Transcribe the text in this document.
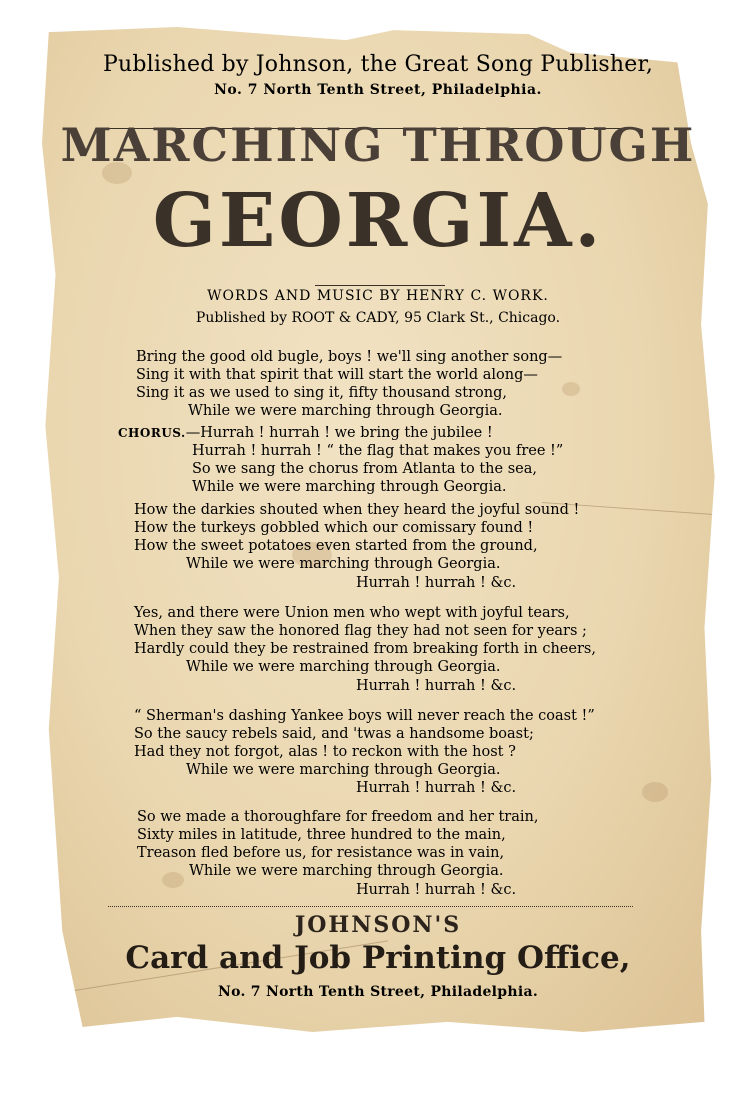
Published by Johnson, the Great Song Publisher,
No. 7 North Tenth Street, Philadelphia.
MARCHING THROUGH
GEORGIA.
WORDS AND MUSIC BY HENRY C. WORK.
Published by ROOT & CADY, 95 Clark St., Chicago.

Bring the good old bugle, boys ! we'll sing another song—

Sing it with that spirit that will start the world along—

Sing it as we used to sing it, fifty thousand strong,

While we were marching through Georgia.

CHORUS.—Hurrah ! hurrah ! we bring the jubilee !

Hurrah ! hurrah ! “ the flag that makes you free !”

So we sang the chorus from Atlanta to the sea,

While we were marching through Georgia.

How the darkies shouted when they heard the joyful sound !

How the turkeys gobbled which our comissary found !

How the sweet potatoes even started from the ground,

While we were marching through Georgia.

Hurrah ! hurrah ! &c.

Yes, and there were Union men who wept with joyful tears,

When they saw the honored flag they had not seen for years ;

Hardly could they be restrained from breaking forth in cheers,

While we were marching through Georgia.

Hurrah ! hurrah ! &c.

“ Sherman's dashing Yankee boys will never reach the coast !”

So the saucy rebels said, and 'twas a handsome boast;

Had they not forgot, alas ! to reckon with the host ?

While we were marching through Georgia.

Hurrah ! hurrah ! &c.

So we made a thoroughfare for freedom and her train,

Sixty miles in latitude, three hundred to the main,

Treason fled before us, for resistance was in vain,

While we were marching through Georgia.

Hurrah ! hurrah ! &c.
JOHNSON'S
Card and Job Printing Office,
No. 7 North Tenth Street, Philadelphia.
